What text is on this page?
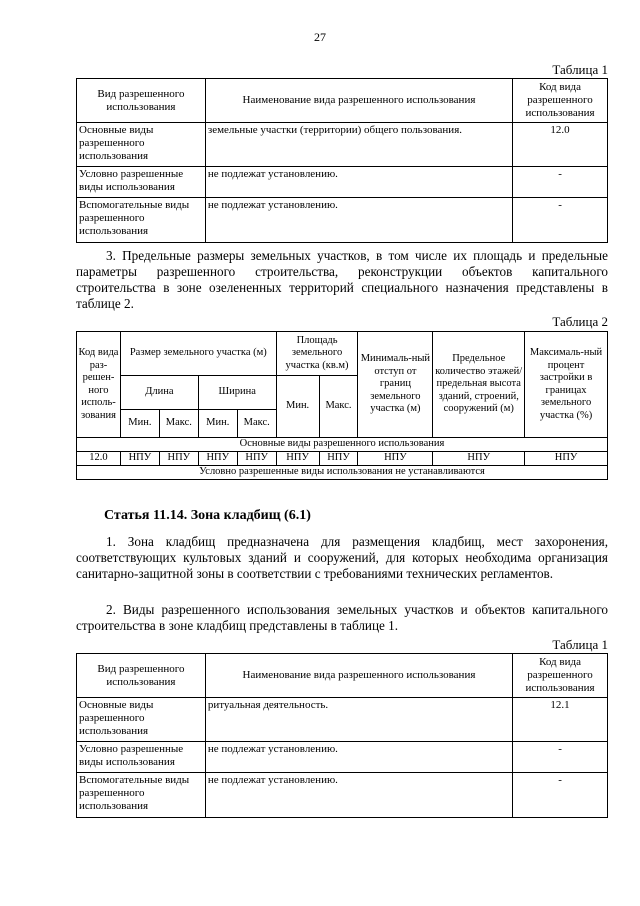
27
Таблица 1
Вид разрешенного использования	Наименование вида разрешенного использования	Код вида разрешенного использования
Основные виды разрешенного использования	земельные участки (территории) общего пользования.	12.0
Условно разрешенные виды использования	не подлежат установлению.	-
Вспомогательные виды разрешенного использования	не подлежат установлению.	-

3. Предельные размеры земельных участков, в том числе их площадь и предельные параметры разрешенного строительства, реконструкции объектов капитального строительства в зоне озелененных территорий специального назначения представлены в таблице 2.

Таблица 2
Код вида раз-решен-ного исполь-зования	Размер земельного участка (м)				Площадь земельного участка (кв.м)		Минималь-ный отступ от границ земельного участка (м)	Предельное количество этажей/ предельная высота зданий, строений, сооружений (м)	Максималь-ный процент застройки в границах земельного участка (%)
	Длина		Ширина		Мин.	Макс.			
	Мин.	Макс.	Мин.	Макс.					
Основные виды разрешенного использования									
12.0	НПУ	НПУ	НПУ	НПУ	НПУ	НПУ	НПУ	НПУ	НПУ
Условно разрешенные виды использования не устанавливаются									
Статья 11.14. Зона кладбищ (6.1)

1. Зона кладбищ предназначена для размещения кладбищ, мест захоронения, соответствующих культовых зданий и сооружений, для которых необходима организация санитарно-защитной зоны в соответствии с требованиями технических регламентов.

2. Виды разрешенного использования земельных участков и объектов капитального строительства в зоне кладбищ представлены в таблице 1.

Таблица 1
Вид разрешенного использования	Наименование вида разрешенного использования	Код вида разрешенного использования
Основные виды разрешенного использования	ритуальная деятельность.	12.1
Условно разрешенные виды использования	не подлежат установлению.	-
Вспомогательные виды разрешенного использования	не подлежат установлению.	-
